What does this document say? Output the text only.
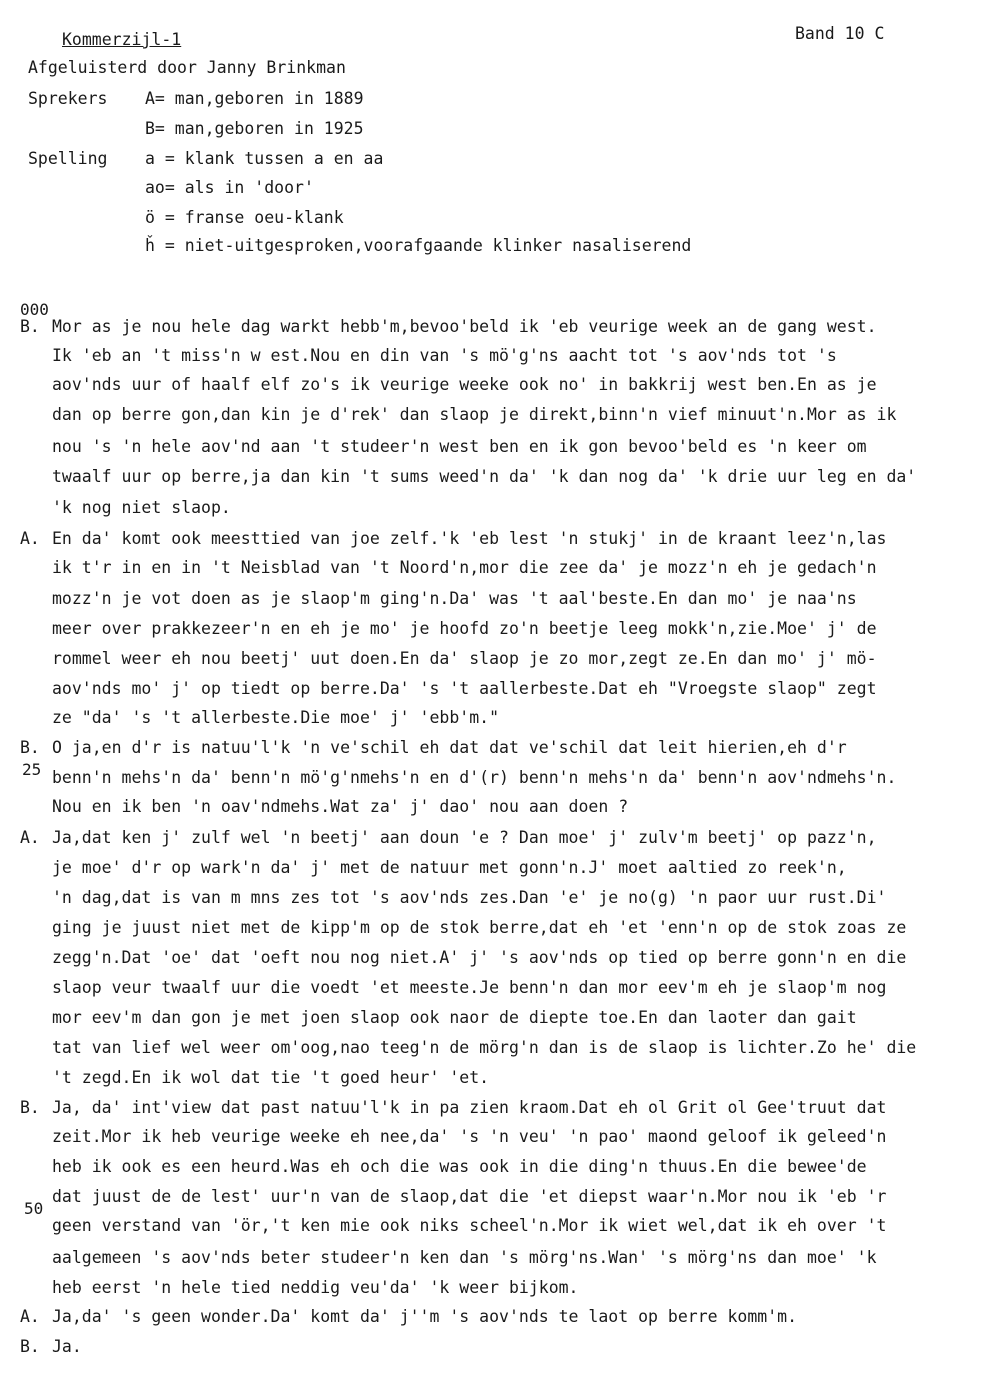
Kommerzijl-1	Band 10 C
Afgeluisterd door Janny Brinkman
Sprekers A= man,geboren in 1889
B= man,geboren in 1925
Spelling a = klank tussen a en aa
ao= als in 'door'
ö = franse oeu-klank
ȟ = niet-uitgesproken,voorafgaande klinker nasaliserend
000
25
50
B. Mor as je nou hele dag warkt hebb'm,bevoo'beld ik 'eb veurige week an de gang west.
Ik 'eb an 't miss'n w est.Nou en din van 's mö'g'ns aacht tot 's aov'nds tot 's
aov'nds uur of haalf elf zo's ik veurige weeke ook no' in bakkrij west ben.En as je
dan op berre gon,dan kin je d'rek' dan slaop je direkt,binn'n vief minuut'n.Mor as ik
nou 's 'n hele aov'nd aan 't studeer'n west ben en ik gon bevoo'beld es 'n keer om
twaalf uur op berre,ja dan kin 't sums weed'n da' 'k dan nog da' 'k drie uur leg en da'
'k nog niet slaop.
A. En da' komt ook meesttied van joe zelf.'k 'eb lest 'n stukj' in de kraant leez'n,las
ik t'r in en in 't Neisblad van 't Noord'n,mor die zee da' je mozz'n eh je gedach'n
mozz'n je vot doen as je slaop'm ging'n.Da' was 't aal'beste.En dan mo' je naa'ns
meer over prakkezeer'n en eh je mo' je hoofd zo'n beetje leeg mokk'n,zie.Moe' j' de
rommel weer eh nou beetj' uut doen.En da' slaop je zo mor,zegt ze.En dan mo' j' mö-
aov'nds mo' j' op tiedt op berre.Da' 's 't aallerbeste.Dat eh "Vroegste slaop" zegt
ze "da' 's 't allerbeste.Die moe' j' 'ebb'm."
B. O ja,en d'r is natuu'l'k 'n ve'schil eh dat dat ve'schil dat leit hierien,eh d'r
benn'n mehs'n da' benn'n mö'g'nmehs'n en d'(r) benn'n mehs'n da' benn'n aov'ndmehs'n.
Nou en ik ben 'n oav'ndmehs.Wat za' j' dao' nou aan doen ?
A. Ja,dat ken j' zulf wel 'n beetj' aan doun 'e ? Dan moe' j' zulv'm beetj' op pazz'n,
je moe' d'r op wark'n da' j' met de natuur met gonn'n.J' moet aaltied zo reek'n,
'n dag,dat is van m mns zes tot 's aov'nds zes.Dan 'e' je no(g) 'n paor uur rust.Di'
ging je juust niet met de kipp'm op de stok berre,dat eh 'et 'enn'n op de stok zoas ze
zegg'n.Dat 'oe' dat 'oeft nou nog niet.A' j' 's aov'nds op tied op berre gonn'n en die
slaop veur twaalf uur die voedt 'et meeste.Je benn'n dan mor eev'm eh je slaop'm nog
mor eev'm dan gon je met joen slaop ook naor de diepte toe.En dan laoter dan gait
tat van lief wel weer om'oog,nao teeg'n de mörg'n dan is de slaop is lichter.Zo he' die
't zegd.En ik wol dat tie 't goed heur' 'et.
B. Ja, da' int'view dat past natuu'l'k in pa zien kraom.Dat eh ol Grit ol Gee'truut dat
zeit.Mor ik heb veurige weeke eh nee,da' 's 'n veu' 'n pao' maond geloof ik geleed'n
heb ik ook es een heurd.Was eh och die was ook in die ding'n thuus.En die bewee'de
dat juust de de lest' uur'n van de slaop,dat die 'et diepst waar'n.Mor nou ik 'eb 'r
geen verstand van 'ör,'t ken mie ook niks scheel'n.Mor ik wiet wel,dat ik eh over 't
aalgemeen 's aov'nds beter studeer'n ken dan 's mörg'ns.Wan' 's mörg'ns dan moe' 'k
heb eerst 'n hele tied neddig veu'da' 'k weer bijkom.
A. Ja,da' 's geen wonder.Da' komt da' j''m 's aov'nds te laot op berre komm'm.
B. Ja.
